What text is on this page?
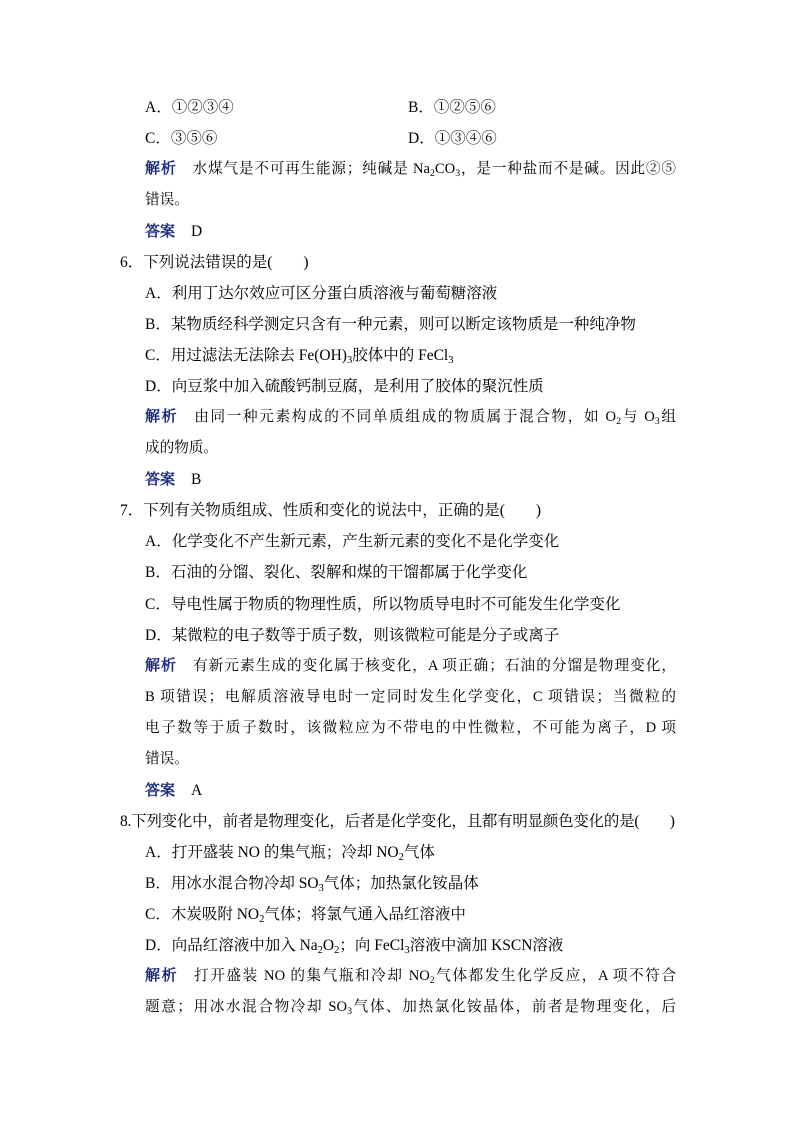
A．①②③④	B．①②⑤⑥
C．③⑤⑥	D．①③④⑥
解析 水煤气是不可再生能源；纯碱是 $Na_2CO_3$，是一种盐而不是碱。因此②⑤
错误。
答案 D
6．下列说法错误的是(　　)
A．利用丁达尔效应可区分蛋白质溶液与葡萄糖溶液
B．某物质经科学测定只含有一种元素，则可以断定该物质是一种纯净物
C．用过滤法无法除去 $Fe(OH)_3$胶体中的 FeCl$_3$
D．向豆浆中加入硫酸钙制豆腐，是利用了胶体的聚沉性质
解析 由同一种元素构成的不同单质组成的物质属于混合物，如 $O_2$与 $O_3$组
成的物质。
答案 B
7．下列有关物质组成、性质和变化的说法中，正确的是(　　)
A．化学变化不产生新元素，产生新元素的变化不是化学变化
B．石油的分馏、裂化、裂解和煤的干馏都属于化学变化
C．导电性属于物质的物理性质，所以物质导电时不可能发生化学变化
D．某微粒的电子数等于质子数，则该微粒可能是分子或离子
解析 有新元素生成的变化属于核变化，A 项正确；石油的分馏是物理变化，
B 项错误；电解质溶液导电时一定同时发生化学变化，C 项错误；当微粒的
电子数等于质子数时，该微粒应为不带电的中性微粒，不可能为离子，D 项
错误。
答案 A
8.下列变化中，前者是物理变化，后者是化学变化，且都有明显颜色变化的是(　　)
A．打开盛装 NO 的集气瓶；冷却 $NO_2$气体
B．用冰水混合物冷却 $SO_3$气体；加热氯化铵晶体
C．木炭吸附 $NO_2$气体；将氯气通入品红溶液中
D．向品红溶液中加入 $Na_2O_2$；向 FeCl$_3$溶液中滴加 KSCN溶液
解析 打开盛装 NO 的集气瓶和冷却 $NO_2$气体都发生化学反应，A 项不符合
题意；用冰水混合物冷却 $SO_3$气体、加热氯化铵晶体，前者是物理变化，后
